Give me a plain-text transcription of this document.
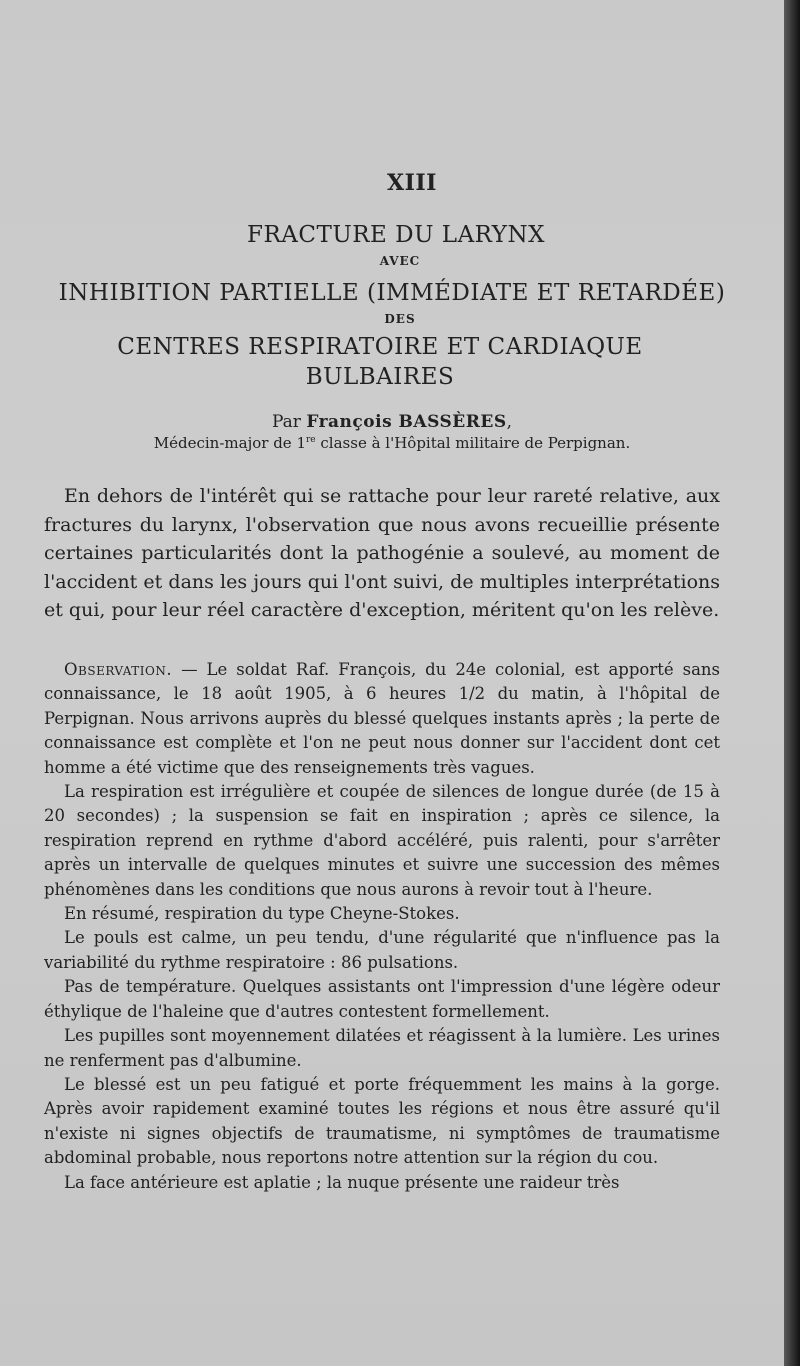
XIII
FRACTURE DU LARYNX
AVEC
INHIBITION PARTIELLE (IMMÉDIATE ET RETARDÉE)
DES
CENTRES RESPIRATOIRE ET CARDIAQUE
BULBAIRES
Par François BASSÈRES,
Médecin-major de 1re classe à l'Hôpital militaire de Perpignan.

En dehors de l'intérêt qui se rattache pour leur rareté relative, aux fractures du larynx, l'observation que nous avons recueillie présente certaines particularités dont la pathogénie a soulevé, au moment de l'accident et dans les jours qui l'ont suivi, de multiples interprétations et qui, pour leur réel caractère d'exception, méritent qu'on les relève.

Observation. — Le soldat Raf. François, du 24e colonial, est apporté sans connaissance, le 18 août 1905, à 6 heures 1/2 du matin, à l'hôpital de Perpignan. Nous arrivons auprès du blessé quelques instants après ; la perte de connaissance est complète et l'on ne peut nous donner sur l'accident dont cet homme a été victime que des renseignements très vagues.

La respiration est irrégulière et coupée de silences de longue durée (de 15 à 20 secondes) ; la suspension se fait en inspiration ; après ce silence, la respiration reprend en rythme d'abord accéléré, puis ralenti, pour s'arrêter après un intervalle de quelques minutes et suivre une succession des mêmes phénomènes dans les conditions que nous aurons à revoir tout à l'heure.

En résumé, respiration du type Cheyne-Stokes.

Le pouls est calme, un peu tendu, d'une régularité que n'influence pas la variabilité du rythme respiratoire : 86 pulsations.

Pas de température. Quelques assistants ont l'impression d'une légère odeur éthylique de l'haleine que d'autres contestent formellement.

Les pupilles sont moyennement dilatées et réagissent à la lumière. Les urines ne renferment pas d'albumine.

Le blessé est un peu fatigué et porte fréquemment les mains à la gorge. Après avoir rapidement examiné toutes les régions et nous être assuré qu'il n'existe ni signes objectifs de traumatisme, ni symptômes de traumatisme abdominal probable, nous reportons notre attention sur la région du cou.

La face antérieure est aplatie ; la nuque présente une raideur très
